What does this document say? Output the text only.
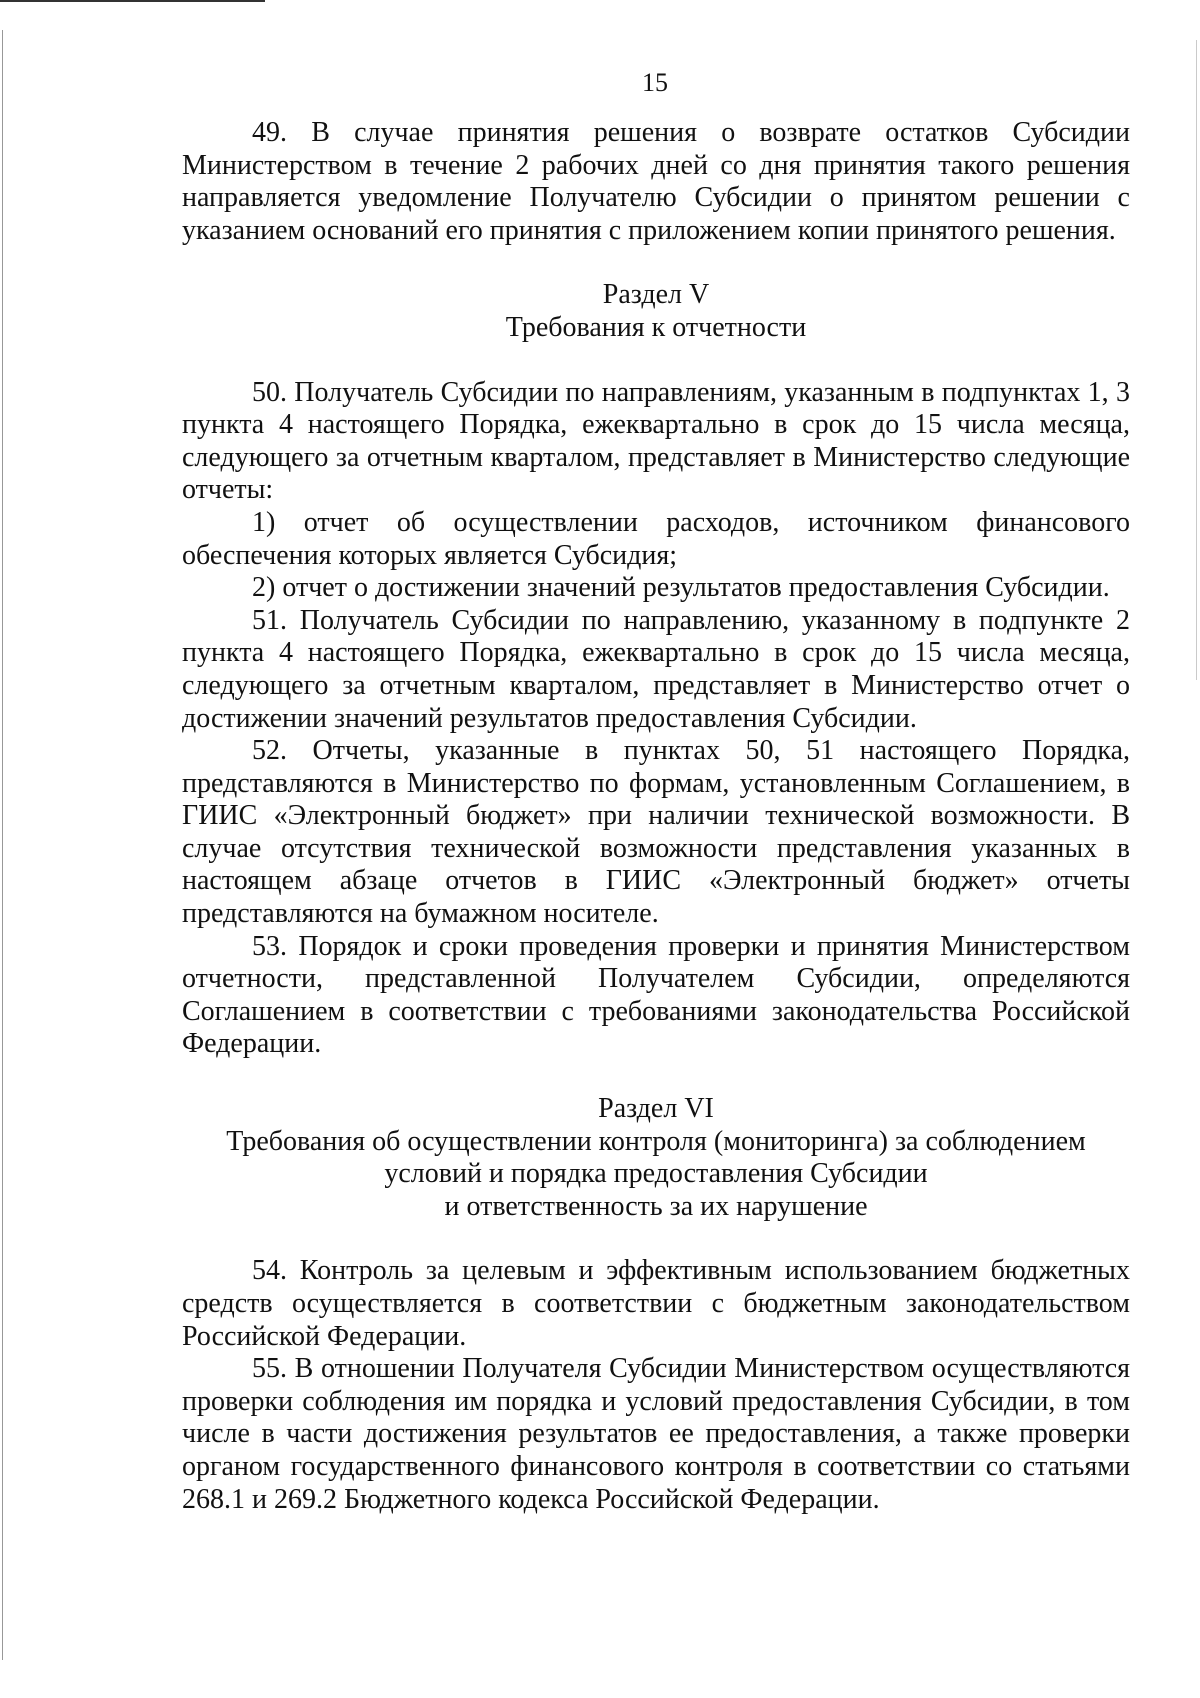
15

49. В случае принятия решения о возврате остатков Субсидии Министерством в течение 2 рабочих дней со дня принятия такого решения направляется уведомление Получателю Субсидии о принятом решении с указанием оснований его принятия с приложением копии принятого решения.

Раздел V
Требования к отчетности

50. Получатель Субсидии по направлениям, указанным в подпунктах 1, 3 пункта 4 настоящего Порядка, ежеквартально в срок до 15 числа месяца, следующего за отчетным кварталом, представляет в Министерство следующие отчеты:

1) отчет об осуществлении расходов, источником финансового обеспечения которых является Субсидия;

2) отчет о достижении значений результатов предоставления Субсидии.

51. Получатель Субсидии по направлению, указанному в подпункте 2 пункта 4 настоящего Порядка, ежеквартально в срок до 15 числа месяца, следующего за отчетным кварталом, представляет в Министерство отчет о достижении значений результатов предоставления Субсидии.

52. Отчеты, указанные в пунктах 50, 51 настоящего Порядка, представляются в Министерство по формам, установленным Соглашением, в ГИИС «Электронный бюджет» при наличии технической возможности. В случае отсутствия технической возможности представления указанных в настоящем абзаце отчетов в ГИИС «Электронный бюджет» отчеты представляются на бумажном носителе.

53. Порядок и сроки проведения проверки и принятия Министерством отчетности, представленной Получателем Субсидии, определяются Соглашением в соответствии с требованиями законодательства Российской Федерации.

Раздел VI
Требования об осуществлении контроля (мониторинга) за соблюдением
условий и порядка предоставления Субсидии
и ответственность за их нарушение

54. Контроль за целевым и эффективным использованием бюджетных средств осуществляется в соответствии с бюджетным законодательством Российской Федерации.

55. В отношении Получателя Субсидии Министерством осуществляются проверки соблюдения им порядка и условий предоставления Субсидии, в том числе в части достижения результатов ее предоставления, а также проверки органом государственного финансового контроля в соответствии со статьями 268.1 и 269.2 Бюджетного кодекса Российской Федерации.
